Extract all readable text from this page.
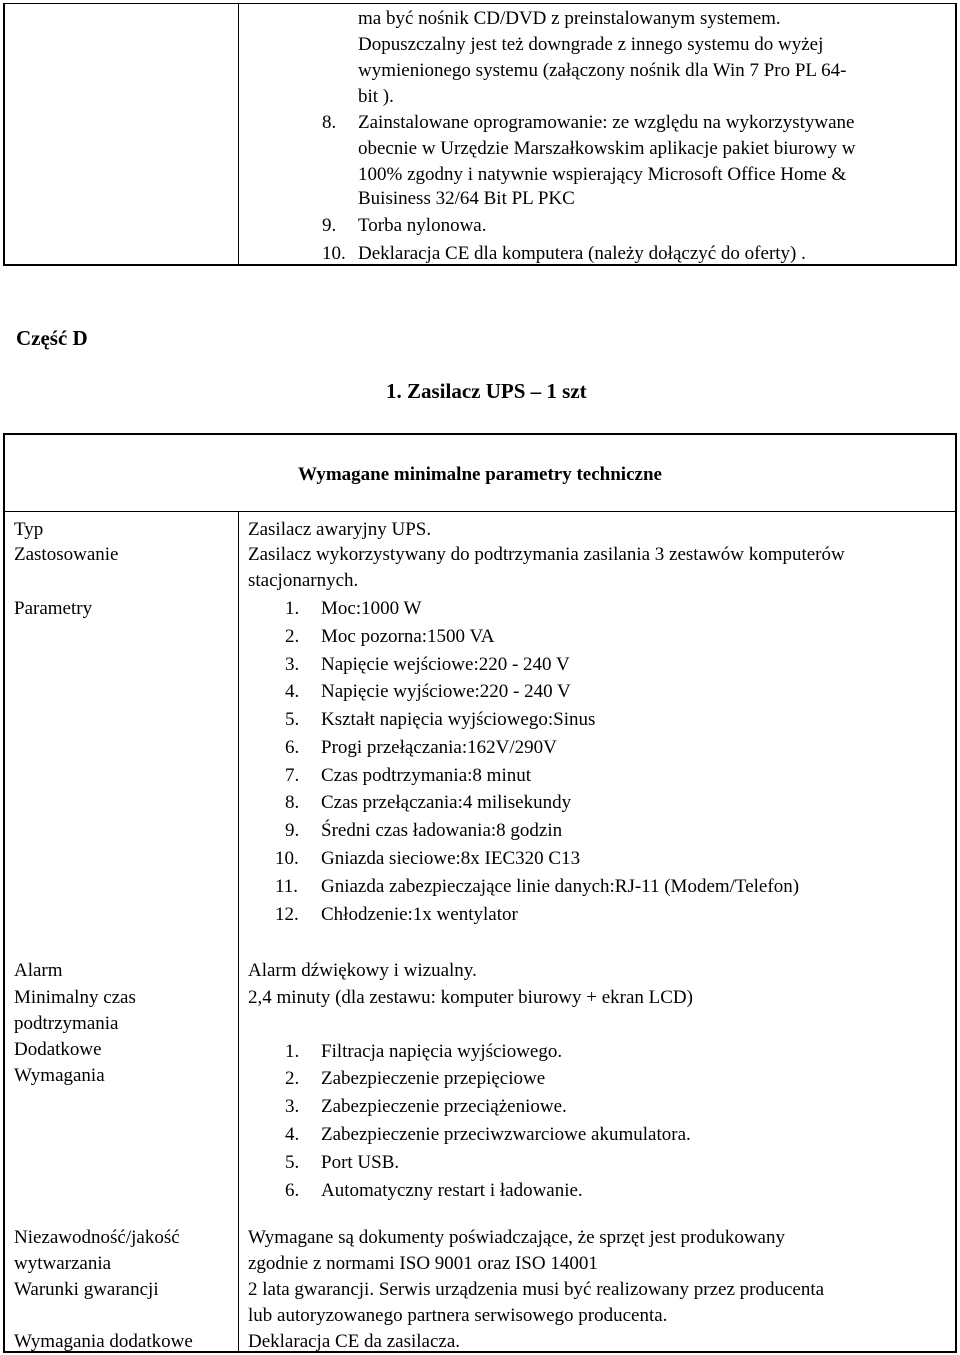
ma być nośnik CD/DVD z preinstalowanym systemem.
Dopuszczalny jest też downgrade z innego systemu do wyżej
wymienionego systemu (załączony nośnik dla Win 7 Pro PL 64-
bit ).
8. Zainstalowane oprogramowanie: ze względu na wykorzystywane
obecnie w Urzędzie Marszałkowskim aplikacje pakiet biurowy w
100% zgodny i natywnie wspierający Microsoft Office Home &
Buisiness 32/64 Bit PL PKC
9. Torba nylonowa.
10. Deklaracja CE dla komputera (należy dołączyć do oferty) .
Część D
1. Zasilacz UPS – 1 szt
Wymagane minimalne parametry techniczne
Typ
Zastosowanie
Parametry
Alarm
Minimalny czas
podtrzymania
Dodatkowe
Wymagania
Niezawodność/jakość
wytwarzania
Warunki gwarancji
Wymagania dodatkowe
Zasilacz awaryjny UPS.
Zasilacz wykorzystywany do podtrzymania zasilania 3 zestawów komputerów
stacjonarnych.
1. Moc:1000 W
2. Moc pozorna:1500 VA
3. Napięcie wejściowe:220 - 240 V
4. Napięcie wyjściowe:220 - 240 V
5. Kształt napięcia wyjściowego:Sinus
6. Progi przełączania:162V/290V
7. Czas podtrzymania:8 minut
8. Czas przełączania:4 milisekundy
9. Średni czas ładowania:8 godzin
10. Gniazda sieciowe:8x IEC320 C13
11. Gniazda zabezpieczające linie danych:RJ-11 (Modem/Telefon)
12. Chłodzenie:1x wentylator
Alarm dźwiękowy i wizualny.
2,4 minuty (dla zestawu: komputer biurowy + ekran LCD)
1. Filtracja napięcia wyjściowego.
2. Zabezpieczenie przepięciowe
3. Zabezpieczenie przeciążeniowe.
4. Zabezpieczenie przeciwzwarciowe akumulatora.
5. Port USB.
6. Automatyczny restart i ładowanie.
Wymagane są dokumenty poświadczające, że sprzęt jest produkowany
zgodnie z normami ISO 9001 oraz ISO 14001
2 lata gwarancji. Serwis urządzenia musi być realizowany przez producenta
lub autoryzowanego partnera serwisowego producenta.
Deklaracja CE da zasilacza.
